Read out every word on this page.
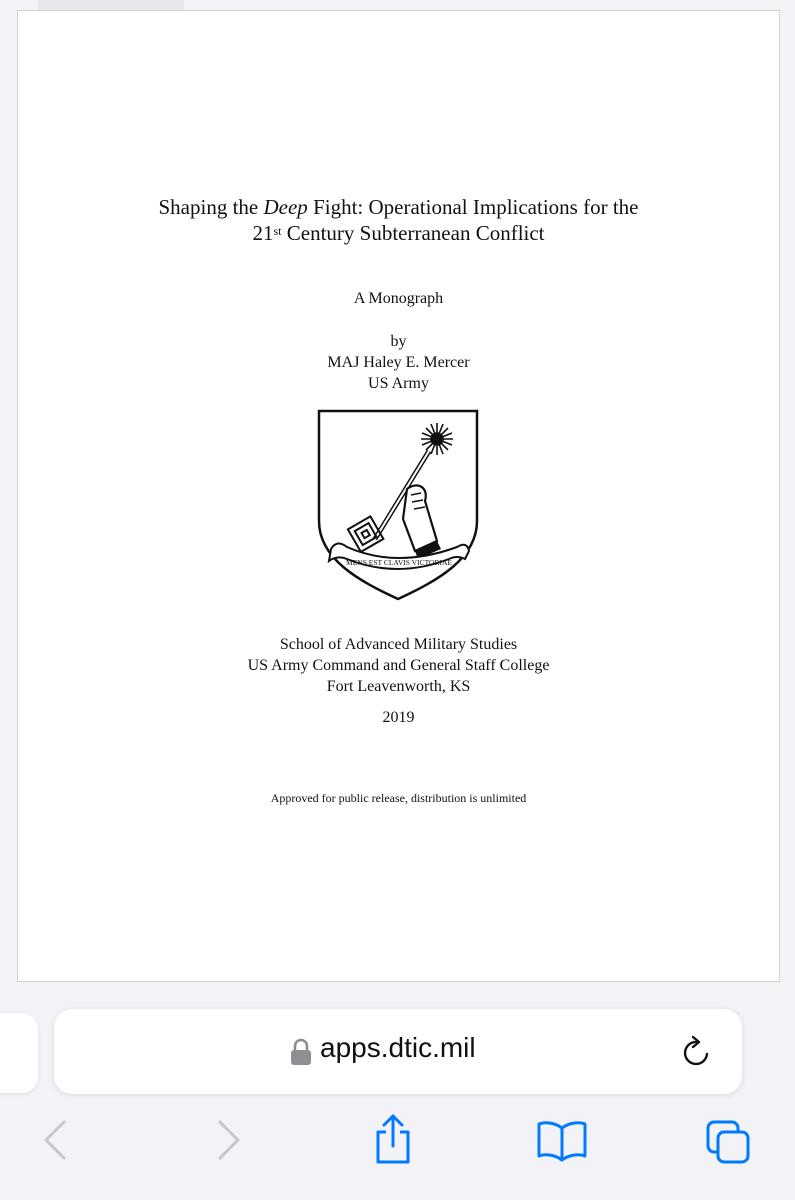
Shaping the Deep Fight: Operational Implications for the
21st Century Subterranean Conflict
A Monograph
by
MAJ Haley E. Mercer
US Army
MENS EST CLAVIS VICTORIAE
School of Advanced Military Studies
US Army Command and General Staff College
Fort Leavenworth, KS
2019
Approved for public release, distribution is unlimited
apps.dtic.mil
